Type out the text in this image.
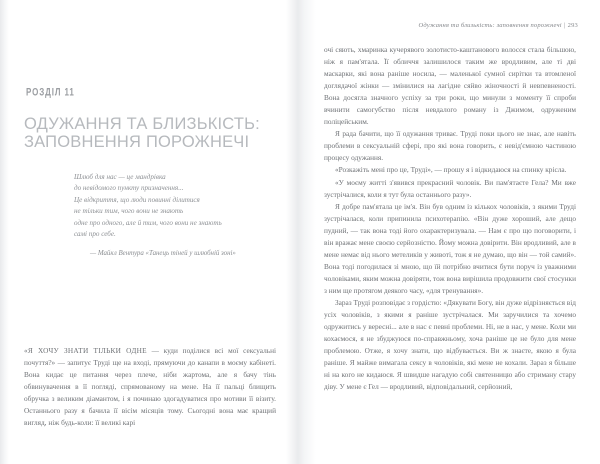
РОЗДІЛ 11
ОДУЖАННЯ ТА БЛИЗЬКІСТЬ:
ЗАПОВНЕННЯ ПОРОЖНЕЧІ
Шлюб для нас — це мандрівка
до невідомого пункту призначення...
Це відкриття, що люди повинні ділитися
не тільки тим, чого вони не знають
одне про одного, але й тим, чого вони не знають
самі про себе.
— Майкл Вентура «Танець тіней у шлюбній зоні»

«Я ХОЧУ ЗНАТИ ТІЛЬКИ ОДНЕ — куди поділися всі мої сексуальні почуття?» — запитує Труді ще на вході, прямуючи до канапи в моєму кабінеті. Вона кидає це питання через плече, ніби жартома, але я бачу тінь обвинувачення в її погляді, спрямованому на мене. На її пальці блищить обручка з великим діамантом, і я починаю здогадуватися про мотиви її візиту. Останнього разу я бачила її вісім місяців тому. Сьогодні вона має кращий вигляд, ніж будь-коли: її великі карі

Одужання та близькість: заповнення порожнечі | 293

очі сяють, хмаринка кучерявого золотисто-каштанового волосся стала більшою, ніж я пам'ятала. Її обличчя залишилося таким же вродливим, але ті дві маскарки, які вона раніше носила, — маленької сумної сирітки та втомленої доглядачої жінки — змінилися на лагідне сяйво жіночності й невпевненості. Вона досягла значного успіху за три роки, що минули з моменту її спроби вчинити самогубство після невдалого роману із Джимом, одруженим поліцейським.

Я рада бачити, що її одужання триває. Труді поки цього не знає, але навіть проблеми в сексуальній сфері, про які вона говорить, є невід'ємною частиною процесу одужання.

«Розкажіть мені про це, Труді», — прошу я і відкидаюся на спинку крісла.

«У моєму житті з'явився прекрасний чоловік. Ви пам'ятаєте Гела? Ми вже зустрічалися, коли я тут була останнього разу».

Я добре пам'ятала це ім'я. Він був одним із кількох чоловіків, з якими Труді зустрічалася, коли припинила психотерапію. «Він дуже хороший, але дещо пудний, — так вона тоді його охарактеризувала. — Нам є про що поговорити, і він вражає мене своєю серйозністю. Йому можна довірити. Він вродливий, але в мене немає від нього метеликів у животі, тож я не думаю, що він — той самий». Вона тоді погодилася зі мною, що їй потрібно вчитися бути поруч із уважними чоловіками, яким можна довіряти, тож вона вирішила продовжити свої стосунки з ним ще протягом деякого часу, «для тренування».

Зараз Труді розповідає з гордістю: «Дякувати Богу, він дуже відрізняється від усіх чоловіків, з якими я раніше зустрічалася. Ми заручилися та хочемо одружитись у вересні... але в нас є певні проблеми. Ні, не в нас, у мене. Коли ми кохаємося, я не збуджуюся по-справжньому, хоча раніше це не було для мене проблемою. Отже, я хочу знати, що відбувається. Ви ж знаєте, якою я була раніше. Я майже вимагала сексу в чоловіків, які мене не кохали. Зараз я більше ні на кого не кидаюся. Я швидше нагадую собі святенницю або стриману стару діву. У мене є Гел — вродливий, відповідальний, серйозний,
